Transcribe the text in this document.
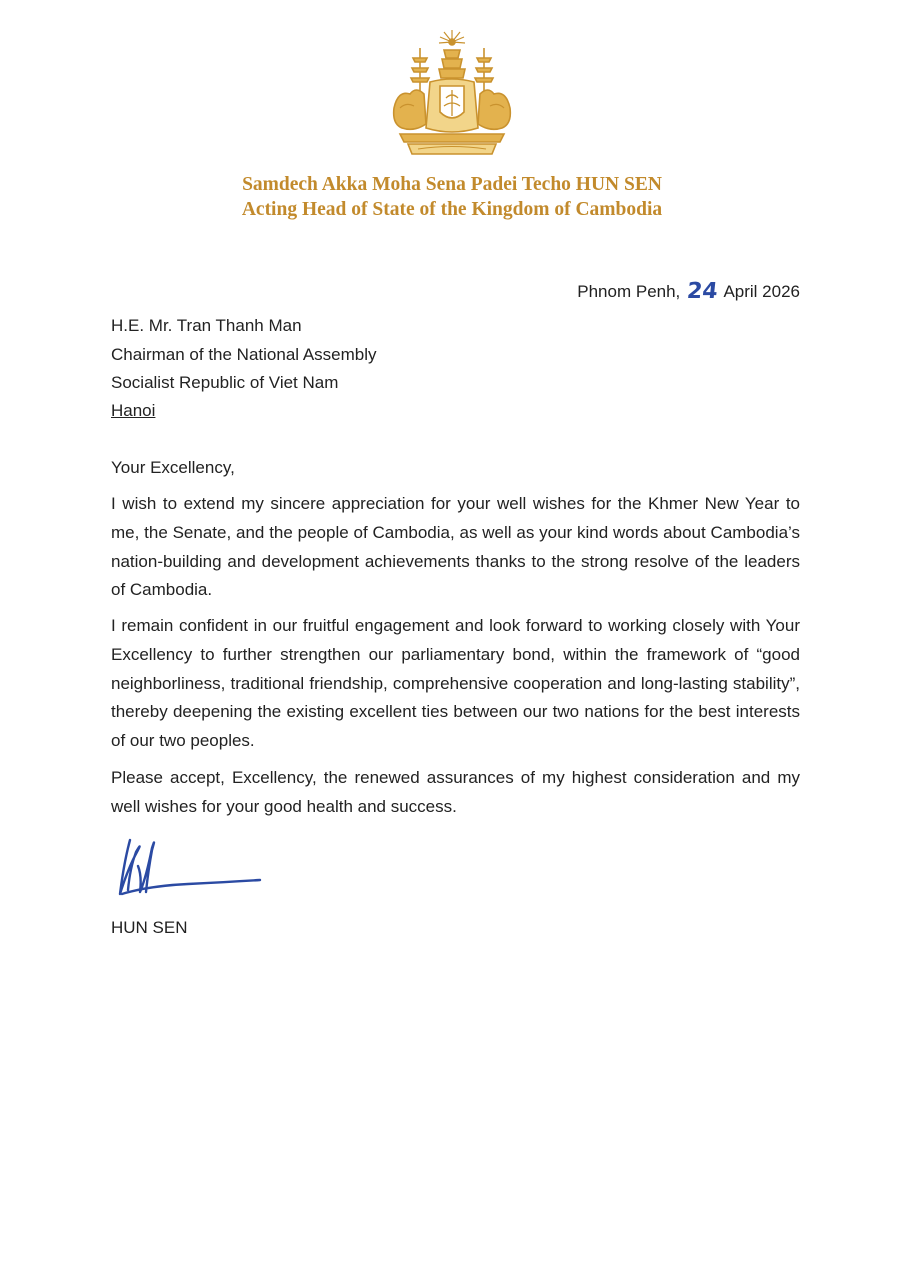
Samdech Akka Moha Sena Padei Techo HUN SEN
Acting Head of State of the Kingdom of Cambodia
Phnom Penh, 24 April 2026
H.E. Mr. Tran Thanh Man
Chairman of the National Assembly
Socialist Republic of Viet Nam
Hanoi
Your Excellency,
I wish to extend my sincere appreciation for your well wishes for the Khmer New Year to me, the Senate, and the people of Cambodia, as well as your kind words about Cambodia’s nation-building and development achievements thanks to the strong resolve of the leaders of Cambodia.
I remain confident in our fruitful engagement and look forward to working closely with Your Excellency to further strengthen our parliamentary bond, within the framework of “good neighborliness, traditional friendship, comprehensive cooperation and long-lasting stability”, thereby deepening the existing excellent ties between our two nations for the best interests of our two peoples.
Please accept, Excellency, the renewed assurances of my highest consideration and my well wishes for your good health and success.
HUN SEN
